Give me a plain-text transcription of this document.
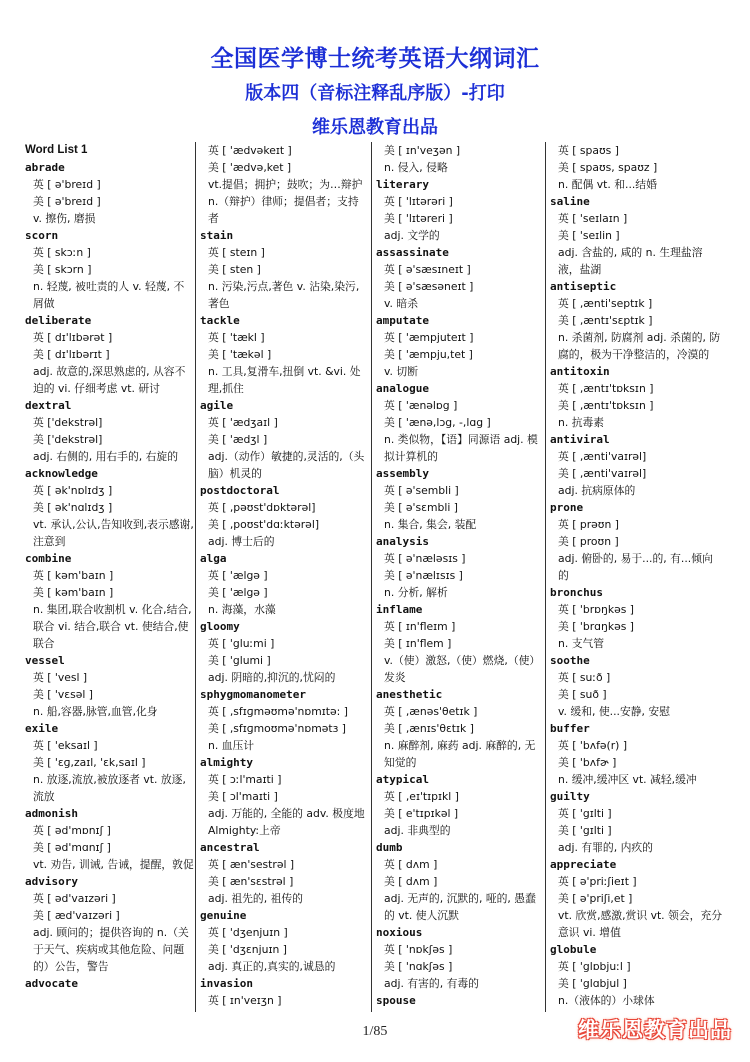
全国医学博士统考英语大纲词汇
版本四（音标注释乱序版）-打印
维乐恩教育出品
Word List 1
abrade
英 [ ə'breɪd ]
美 [ ə'breɪd ]
v. 擦伤, 磨损
scorn
英 [ skɔːn ]
美 [ skɔrn ]
n. 轻蔑, 被吐责的人 v. 轻蔑, 不屑做
deliberate
英 [ dɪ'lɪbərət ]
美 [ dɪ'lɪbərɪt ]
adj. 故意的,深思熟虑的, 从容不迫的 vi. 仔细考虑 vt. 研讨
dextral
英 ['dekstrəl]
美 ['dekstrəl]
adj. 右侧的, 用右手的, 右旋的
acknowledge
英 [ ək'nɒlɪdʒ ]
美 [ ək'nɑlɪdʒ ]
vt. 承认,公认,告知收到,表示感谢,注意到
combine
英 [ kəm'baɪn ]
美 [ kəm'baɪn ]
n. 集团,联合收割机 v. 化合,结合,联合 vi. 结合,联合 vt. 使结合,使联合
vessel
英 [ 'vesl ]
美 [ 'vɛsəl ]
n. 船,容器,脉管,血管,化身
exile
英 [ 'eksaɪl ]
美 [ 'ɛɡ,zaɪl, 'ɛk,saɪl ]
n. 放逐,流放,被放逐者 vt. 放逐,流放
admonish
英 [ əd'mɒnɪʃ ]
美 [ əd'mɑnɪʃ ]
vt. 劝告, 训诫, 告诫，提醒，敦促
advisory
英 [ əd'vaɪzəri ]
美 [ æd'vaɪzəri ]
adj. 顾问的；提供咨询的 n.（关于天气、疾病或其他危险、问题的）公告，警告
advocate
英 [ 'ædvəkeɪt ]
美 [ 'ædvə,ket ]
vt.提倡；拥护；鼓吹；为…辩护 n.（辩护）律师；提倡者；支持者
stain
英 [ steɪn ]
美 [ sten ]
n. 污染,污点,著色 v. 沾染,染污,著色
tackle
英 [ 'tækl ]
美 [ 'tækəl ]
n. 工具,复滑车,扭倒 vt. &vi. 处理,抓住
agile
英 [ 'ædʒaɪl ]
美 [ 'ædʒl ]
adj.（动作）敏捷的,灵活的,（头脑）机灵的
postdoctoral
英 [ ,pəʊst'dɒktərəl]
美 [ ,poʊst'dɑːktərəl]
adj. 博士后的
alga
英 [ 'ælgə ]
美 [ 'ælgə ]
n. 海藻，水藻
gloomy
英 [ 'gluːmi ]
美 [ 'glumi ]
adj. 阴暗的,抑沉的,忧闷的
sphygmomanometer
英 [ ,sfɪɡməʊmə'nɒmɪtə: ]
美 [ ,sfɪɡmoʊmə'nɒmətɜ ]
n. 血压计
almighty
英 [ ɔːl'maɪti ]
美 [ ɔl'maɪti ]
adj. 万能的, 全能的 adv. 极度地 Almighty:上帝
ancestral
英 [ æn'sestrəl ]
美 [ æn'sɛstrəl ]
adj. 祖先的, 祖传的
genuine
英 [ 'dʒenjuɪn ]
美 [ 'dʒɛnjuɪn ]
adj. 真正的,真实的,诚恳的
invasion
英 [ ɪn'veɪʒn ]
美 [ ɪn'veʒən ]
n. 侵入, 侵略
literary
英 [ 'lɪtərəri ]
美 [ 'lɪtəreri ]
adj. 文学的
assassinate
英 [ ə'sæsɪneɪt ]
美 [ ə'sæsəneɪt ]
v. 暗杀
amputate
英 [ 'æmpjuteɪt ]
美 [ 'æmpju,tet ]
v. 切断
analogue
英 [ 'ænəlɒg ]
美 [ 'ænə,lɔg, -,lɑg ]
n. 类似物，【语】同源语 adj. 模拟计算机的
assembly
英 [ ə'sembli ]
美 [ ə'sɛmbli ]
n. 集合, 集会, 装配
analysis
英 [ ə'næləsɪs ]
美 [ ə'nælɪsɪs ]
n. 分析, 解析
inflame
英 [ ɪn'fleɪm ]
美 [ ɪn'flem ]
v.（使）激怒,（使）燃烧,（使）发炎
anesthetic
英 [ ,ænəs'θetɪk ]
美 [ ,ænɪs'θɛtɪk ]
n. 麻醉剂, 麻药 adj. 麻醉的, 无知觉的
atypical
英 [ ,eɪ'tɪpɪkl ]
美 [ e'tɪpɪkəl ]
adj. 非典型的
dumb
英 [ dʌm ]
美 [ dʌm ]
adj. 无声的, 沉默的, 哑的, 愚蠢的 vt. 使人沉默
noxious
英 [ 'nɒkʃəs ]
美 [ 'nɑkʃəs ]
adj. 有害的, 有毒的
spouse
英 [ spaʊs ]
美 [ spaʊs, spaʊz ]
n. 配偶 vt. 和...结婚
saline
英 [ 'seɪlaɪn ]
美 [ 'seɪlin ]
adj. 含盐的, 咸的 n. 生理盐溶液，盐湖
antiseptic
英 [ ,ænti'septɪk ]
美 [ ,æntɪ'sɛptɪk ]
n. 杀菌剂, 防腐剂 adj. 杀菌的, 防腐的，极为干净整洁的，冷漠的
antitoxin
英 [ ,æntɪ'tɒksɪn ]
美 [ ,æntɪ'tɒksɪn ]
n. 抗毒素
antiviral
英 [ ,ænti'vaɪrəl]
美 [ ,ænti'vaɪrəl]
adj. 抗病原体的
prone
英 [ prəʊn ]
美 [ proʊn ]
adj. 俯卧的, 易于...的, 有...倾向的
bronchus
英 [ 'brɒŋkəs ]
美 [ 'brɑŋkəs ]
n. 支气管
soothe
英 [ suːð ]
美 [ suð ]
v. 缓和, 使...安静, 安慰
buffer
英 [ 'bʌfə(r) ]
美 [ 'bʌfɚ ]
n. 缓冲,缓冲区 vt. 减轻,缓冲
guilty
英 [ 'gɪlti ]
美 [ 'gɪlti ]
adj. 有罪的, 内疚的
appreciate
英 [ ə'priːʃieɪt ]
美 [ ə'priʃi,et ]
vt. 欣赏,感激,赏识 vt. 领会，充分意识 vi. 增值
globule
英 [ 'glɒbjuːl ]
美 [ 'glɑbjul ]
n.（液体的）小球体
1/85	维乐恩教育出品
